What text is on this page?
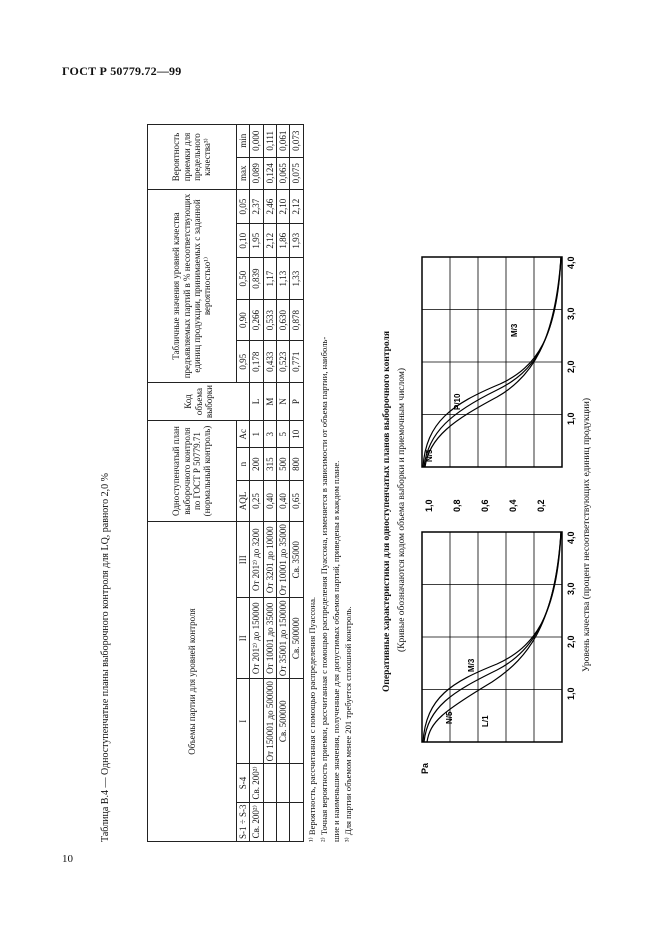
ГОСТ Р 50779.72—99
10
Таблица В.4 — Одноступенчатые планы выборочного контроля для LQ, равного 2,0 %	Объемы партии для уровней контроля					Одноступенчатый план выборочного контроля по ГОСТ Р 50779.71 (нормальный контроль)			Код объема выборки	Табличные значения уровней качества предъявляемых партий в % несоответствующих единиц продукции, принимаемых с заданной вероятностью¹⁾					Вероятность приемки для предельного качества³⁾	
S-1 ÷ S-3	S-4	I	II	III	AQL	n	Ac		0,95	0,90	0,50	0,10	0,05	max	min
Св. 200²⁾	Св. 200²⁾		От 201²⁾ до 150000	От 201²⁾ до 3200	0,25	200	1	L	0,178	0,266	0,839	1,95	2,37	0,089	0,000
		От 150001 до 500000	От 10001 до 35000	От 3201 до 10000	0,40	315	3	M	0,433	0,533	1,17	2,12	2,46	0,124	0,111
		Св. 500000	От 35001 до 150000	От 10001 до 35000	0,40	500	5	N	0,523	0,630	1,13	1,86	2,10	0,065	0,061
			Св. 500000	Св. 35000	0,65	800	10	P	0,771	0,878	1,33	1,93	2,12	0,075	0,073
¹⁾ Вероятность, рассчитанная с помощью распределения Пуассона. ²⁾ Точная вероятность приемки, рассчитанная с помощью распределения Пуассона, изменяется в зависимости от объема партии, наиболь- шие и наименьшие значения, полученные для допустимых объемов партий, приведены в каждом плане. ³⁾ Для партии объемом менее 201 требуется сплошной контроль.
Оперативные характеристики для одноступенчатых планов выборочного контроля (Кривые обозначаются кодом объема выборки и приемочным числом)
Pa
1,0
2,0
3,0
4,0
L/1
M/3
N/5
1,0 0,8 0,6 0,4 0,2
1,0
2,0
3,0
4,0
N/5
P/10
M/3
Уровень качества (процент несоответствующих единиц продукции)
